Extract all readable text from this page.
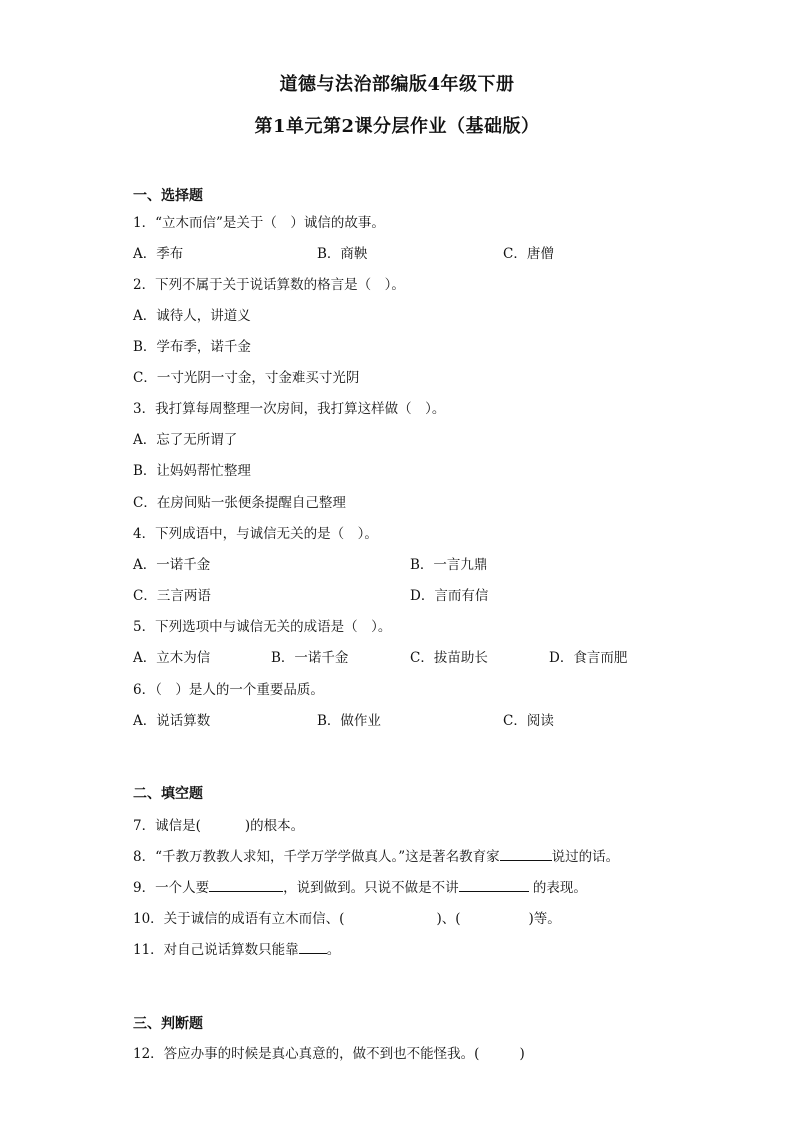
道德与法治部编版4年级下册
第1单元第2课分层作业（基础版）
一、选择题
1．“立木而信”是关于（　）诚信的故事。
A．季布	B．商鞅	C．唐僧
2．下列不属于关于说话算数的格言是（　）。
A．诚待人，讲道义
B．学布季，诺千金
C．一寸光阴一寸金，寸金难买寸光阴
3．我打算每周整理一次房间，我打算这样做（　）。
A．忘了无所谓了
B．让妈妈帮忙整理
C．在房间贴一张便条提醒自己整理
4．下列成语中，与诚信无关的是（　）。
A．一诺千金	B．一言九鼎
C．三言两语	D．言而有信
5．下列选项中与诚信无关的成语是（　）。
A．立木为信	B．一诺千金	C．拔苗助长	D．食言而肥
6．（　）是人的一个重要品质。
A．说话算数	B．做作业	C．阅读
二、填空题
7．诚信是(	)的根本。
8．“千教万教教人求知，千学万学学做真人。”这是著名教育家	说过的话。
9．一个人要	，说到做到。只说不做是不讲	的表现。
10．关于诚信的成语有立木而信、(	)、(	)等。
11．对自己说话算数只能靠 。
三、判断题
12．答应办事的时候是真心真意的，做不到也不能怪我。(	)
